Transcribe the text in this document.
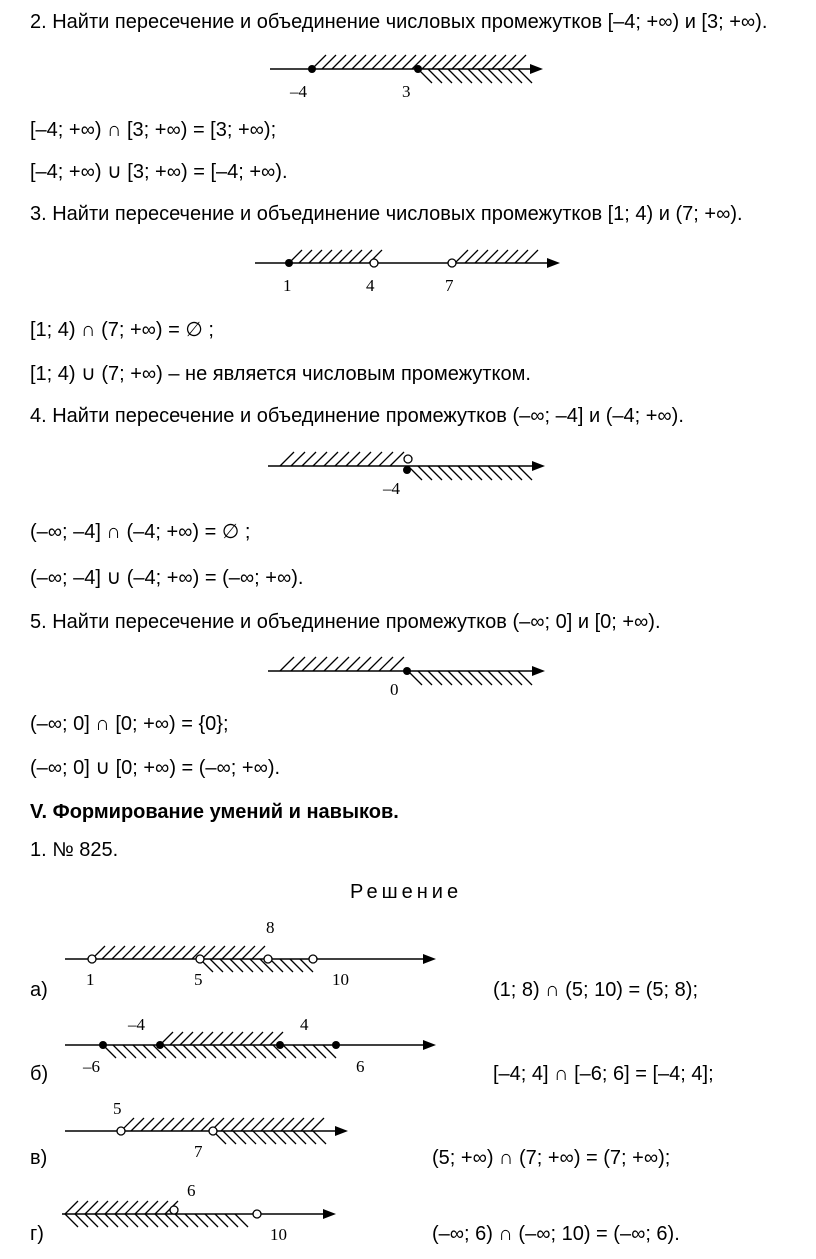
2. Найти пересечение и объединение числовых промежутков [–4; +∞) и [3; +∞).
–4	3
[–4; +∞) ∩ [3; +∞) = [3; +∞);
[–4; +∞) ∪ [3; +∞) = [–4; +∞).
3. Найти пересечение и объединение числовых промежутков [1; 4) и (7; +∞).
1	4	7
[1; 4) ∩ (7; +∞) = ∅ ;
[1; 4) ∪ (7; +∞) – не является числовым промежутком.
4. Найти пересечение и объединение промежутков (–∞; –4] и (–4; +∞).
–4
(–∞; –4] ∩ (–4; +∞) = ∅ ;
(–∞; –4] ∪ (–4; +∞) = (–∞; +∞).
5. Найти пересечение и объединение промежутков (–∞; 0] и [0; +∞).
0
(–∞; 0] ∩ [0; +∞) = {0};
(–∞; 0] ∪ [0; +∞) = (–∞; +∞).
V. Формирование умений и навыков.
1. № 825.
Решение
а) 1	5
8
10	(1; 8) ∩ (5; 10) = (5; 8);
б) –6
–4	4
6	[–4; 4] ∩ [–6; 6] = [–4; 4];
в)
5
7	(5; +∞) ∩ (7; +∞) = (7; +∞);
г)
6
10	(–∞; 6) ∩ (–∞; 10) = (–∞; 6).
